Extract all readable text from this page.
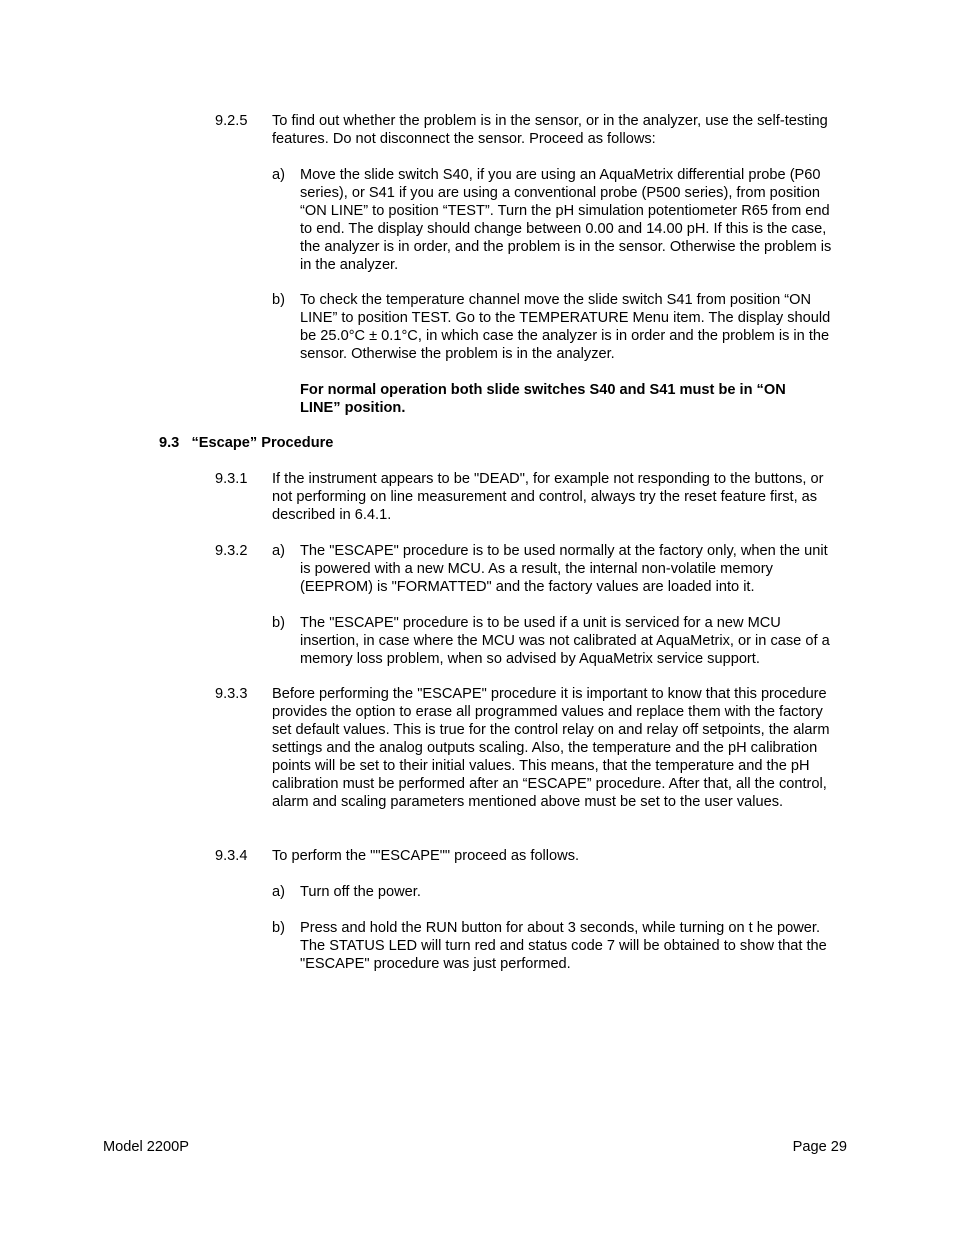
9.2.5 To find out whether the problem is in the sensor, or in the analyzer, use the self-testing features. Do not disconnect the sensor. Proceed as follows:
a) Move the slide switch S40, if you are using an AquaMetrix differential probe (P60 series), or S41 if you are using a conventional probe (P500 series), from position “ON LINE” to position “TEST”. Turn the pH simulation potentiometer R65 from end to end. The display should change between 0.00 and 14.00 pH. If this is the case, the analyzer is in order, and the problem is in the sensor. Otherwise the problem is in the analyzer.
b) To check the temperature channel move the slide switch S41 from position “ON LINE” to position TEST. Go to the TEMPERATURE Menu item. The display should be 25.0°C ± 0.1°C, in which case the analyzer is in order and the problem is in the sensor. Otherwise the problem is in the analyzer.
For normal operation both slide switches S40 and S41 must be in “ON LINE” position.
9.3   “Escape” Procedure
9.3.1 If the instrument appears to be "DEAD", for example not responding to the buttons, or not performing on line measurement and control, always try the reset feature first, as described in 6.4.1.
9.3.2 a) The "ESCAPE" procedure is to be used normally at the factory only, when the unit is powered with a new MCU. As a result, the internal non-volatile memory (EEPROM) is "FORMATTED" and the factory values are loaded into it.
b) The "ESCAPE" procedure is to be used if a unit is serviced for a new MCU insertion, in case where the MCU was not calibrated at AquaMetrix, or in case of a memory loss problem, when so advised by AquaMetrix service support.
9.3.3 Before performing the "ESCAPE" procedure it is important to know that this procedure provides the option to erase all programmed values and replace them with the factory set default values. This is true for the control relay on and relay off setpoints, the alarm settings and the analog outputs scaling. Also, the temperature and the pH calibration points will be set to their initial values. This means, that the temperature and the pH calibration must be performed after an “ESCAPE” procedure. After that, all the control, alarm and scaling parameters mentioned above must be set to the user values.
9.3.4 To perform the ""ESCAPE"" proceed as follows.
a) Turn off the power.
b) Press and hold the RUN button for about 3 seconds, while turning on t he power. The STATUS LED will turn red and status code 7 will be obtained to show that the "ESCAPE" procedure was just performed.
Model 2200P	Page 29
